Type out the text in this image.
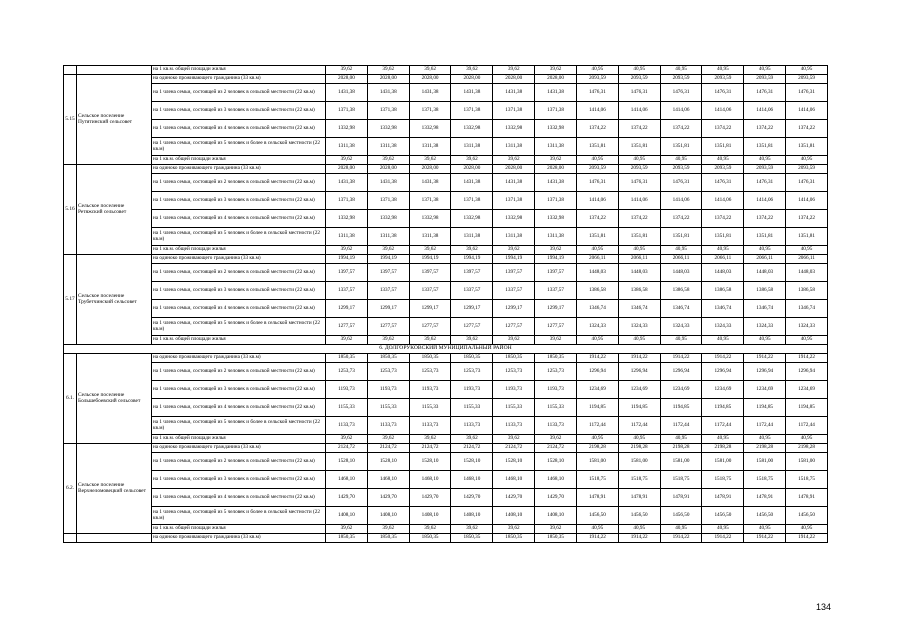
		на 1 кв.м. общей площади жилья	39,62	39,62	39,62	39,62	39,62	39,62	40,95	40,95	40,95	40,95	40,95	40,95
5.15	Сельское поселение Путятинский сельсовет	на одиноко проживающего гражданина (33 кв.м)	2028,00	2028,00	2028,00	2028,00	2028,00	2028,00	2093,59	2093,59	2093,59	2093,59	2093,59	2093,59
		на 1 члена семьи, состоящей из 2 человек в сельской местности (22 кв.м)	1431,38	1431,38	1431,38	1431,38	1431,38	1431,38	1476,31	1476,31	1476,31	1476,31	1476,31	1476,31
		на 1 члена семьи, состоящей из 3 человек в сельской местности (22 кв.м)	1371,38	1371,38	1371,38	1371,38	1371,38	1371,38	1414,06	1414,06	1414,06	1414,06	1414,06	1414,06
		на 1 члена семьи, состоящей из 4 человек в сельской местности (22 кв.м)	1332,98	1332,98	1332,98	1332,98	1332,98	1332,98	1374,22	1374,22	1374,22	1374,22	1374,22	1374,22
		на 1 члена семьи, состоящей из 5 человек и более в сельской местности (22 кв.м)	1311,38	1311,38	1311,38	1311,38	1311,38	1311,38	1351,81	1351,81	1351,81	1351,81	1351,81	1351,81
		на 1 кв.м. общей площади жилья	39,62	39,62	39,62	39,62	39,62	39,62	40,95	40,95	40,95	40,95	40,95	40,95
5.16	Сельское поселение Ретяжский сельсовет	на одиноко проживающего гражданина (33 кв.м)	2028,00	2028,00	2028,00	2028,00	2028,00	2028,00	2093,59	2093,59	2093,59	2093,59	2093,59	2093,59
		на 1 члена семьи, состоящей из 2 человек в сельской местности (22 кв.м)	1431,38	1431,38	1431,38	1431,38	1431,38	1431,38	1476,31	1476,31	1476,31	1476,31	1476,31	1476,31
		на 1 члена семьи, состоящей из 3 человек в сельской местности (22 кв.м)	1371,38	1371,38	1371,38	1371,38	1371,38	1371,38	1414,06	1414,06	1414,06	1414,06	1414,06	1414,06
		на 1 члена семьи, состоящей из 4 человек в сельской местности (22 кв.м)	1332,98	1332,98	1332,98	1332,98	1332,98	1332,98	1374,22	1374,22	1374,22	1374,22	1374,22	1374,22
		на 1 члена семьи, состоящей из 5 человек и более в сельской местности (22 кв.м)	1311,38	1311,38	1311,38	1311,38	1311,38	1311,38	1351,81	1351,81	1351,81	1351,81	1351,81	1351,81
		на 1 кв.м. общей площади жилья	39,62	39,62	39,62	39,62	39,62	39,62	40,95	40,95	40,95	40,95	40,95	40,95
5.17	Сельское поселение Трубетчинский сельсовет	на одиноко проживающего гражданина (33 кв.м)	1994,19	1994,19	1994,19	1994,19	1994,19	1994,19	2066,11	2066,11	2066,11	2066,11	2066,11	2066,11
		на 1 члена семьи, состоящей из 2 человек в сельской местности (22 кв.м)	1397,57	1397,57	1397,57	1397,57	1397,57	1397,57	1448,03	1448,03	1448,03	1448,03	1448,03	1448,03
		на 1 члена семьи, состоящей из 3 человек в сельской местности (22 кв.м)	1337,57	1337,57	1337,57	1337,57	1337,57	1337,57	1386,58	1386,58	1386,58	1386,58	1386,58	1386,58
		на 1 члена семьи, состоящей из 4 человек в сельской местности (22 кв.м)	1299,17	1299,17	1299,17	1299,17	1299,17	1299,17	1346,74	1346,74	1346,74	1346,74	1346,74	1346,74
		на 1 члена семьи, состоящей из 5 человек и более в сельской местности (22 кв.м)	1277,57	1277,57	1277,57	1277,57	1277,57	1277,57	1324,33	1324,33	1324,33	1324,33	1324,33	1324,33
		на 1 кв.м. общей площади жилья	39,62	39,62	39,62	39,62	39,62	39,62	40,95	40,95	40,95	40,95	40,95	40,95
6. ДОЛГОРУКОВСКИЙ МУНИЦИПАЛЬНЫЙ РАЙОН														
6.1.	Сельское поселение Большебоевский сельсовет	на одиноко проживающего гражданина (33 кв.м)	1850,35	1850,35	1850,35	1850,35	1850,35	1850,35	1914,22	1914,22	1914,22	1914,22	1914,22	1914,22
		на 1 члена семьи, состоящей из 2 человек в сельской местности (22 кв.м)	1253,73	1253,73	1253,73	1253,73	1253,73	1253,73	1296,94	1296,94	1296,94	1296,94	1296,94	1296,94
		на 1 члена семьи, состоящей из 3 человек в сельской местности (22 кв.м)	1193,73	1193,73	1193,73	1193,73	1193,73	1193,73	1234,69	1234,69	1234,69	1234,69	1234,69	1234,69
		на 1 члена семьи, состоящей из 4 человек в сельской местности (22 кв.м)	1155,33	1155,33	1155,33	1155,33	1155,33	1155,33	1194,85	1194,85	1194,85	1194,85	1194,85	1194,85
		на 1 члена семьи, состоящей из 5 человек и более в сельской местности (22 кв.м)	1133,73	1133,73	1133,73	1133,73	1133,73	1133,73	1172,44	1172,44	1172,44	1172,44	1172,44	1172,44
		на 1 кв.м. общей площади жилья	39,62	39,62	39,62	39,62	39,62	39,62	40,95	40,95	40,95	40,95	40,95	40,95
6.2.	Сельское поселение Верхнеломовецкий сельсовет	на одиноко проживающего гражданина (33 кв.м)	2124,72	2124,72	2124,72	2124,72	2124,72	2124,72	2198,28	2198,28	2198,28	2198,28	2198,28	2198,28
		на 1 члена семьи, состоящей из 2 человек в сельской местности (22 кв.м)	1528,10	1528,10	1528,10	1528,10	1528,10	1528,10	1581,00	1581,00	1581,00	1581,00	1581,00	1581,00
		на 1 члена семьи, состоящей из 3 человек в сельской местности (22 кв.м)	1468,10	1468,10	1468,10	1468,10	1468,10	1468,10	1518,75	1518,75	1518,75	1518,75	1518,75	1518,75
		на 1 члена семьи, состоящей из 4 человек в сельской местности (22 кв.м)	1429,70	1429,70	1429,70	1429,70	1429,70	1429,70	1478,91	1478,91	1478,91	1478,91	1478,91	1478,91
		на 1 члена семьи, состоящей из 5 человек и более в сельской местности (22 кв.м)	1408,10	1408,10	1408,10	1408,10	1408,10	1408,10	1456,50	1456,50	1456,50	1456,50	1456,50	1456,50
		на 1 кв.м. общей площади жилья	39,62	39,62	39,62	39,62	39,62	39,62	40,95	40,95	40,95	40,95	40,95	40,95
		на одиноко проживающего гражданина (33 кв.м)	1850,35	1850,35	1850,35	1850,35	1850,35	1850,35	1914,22	1914,22	1914,22	1914,22	1914,22	1914,22
134
